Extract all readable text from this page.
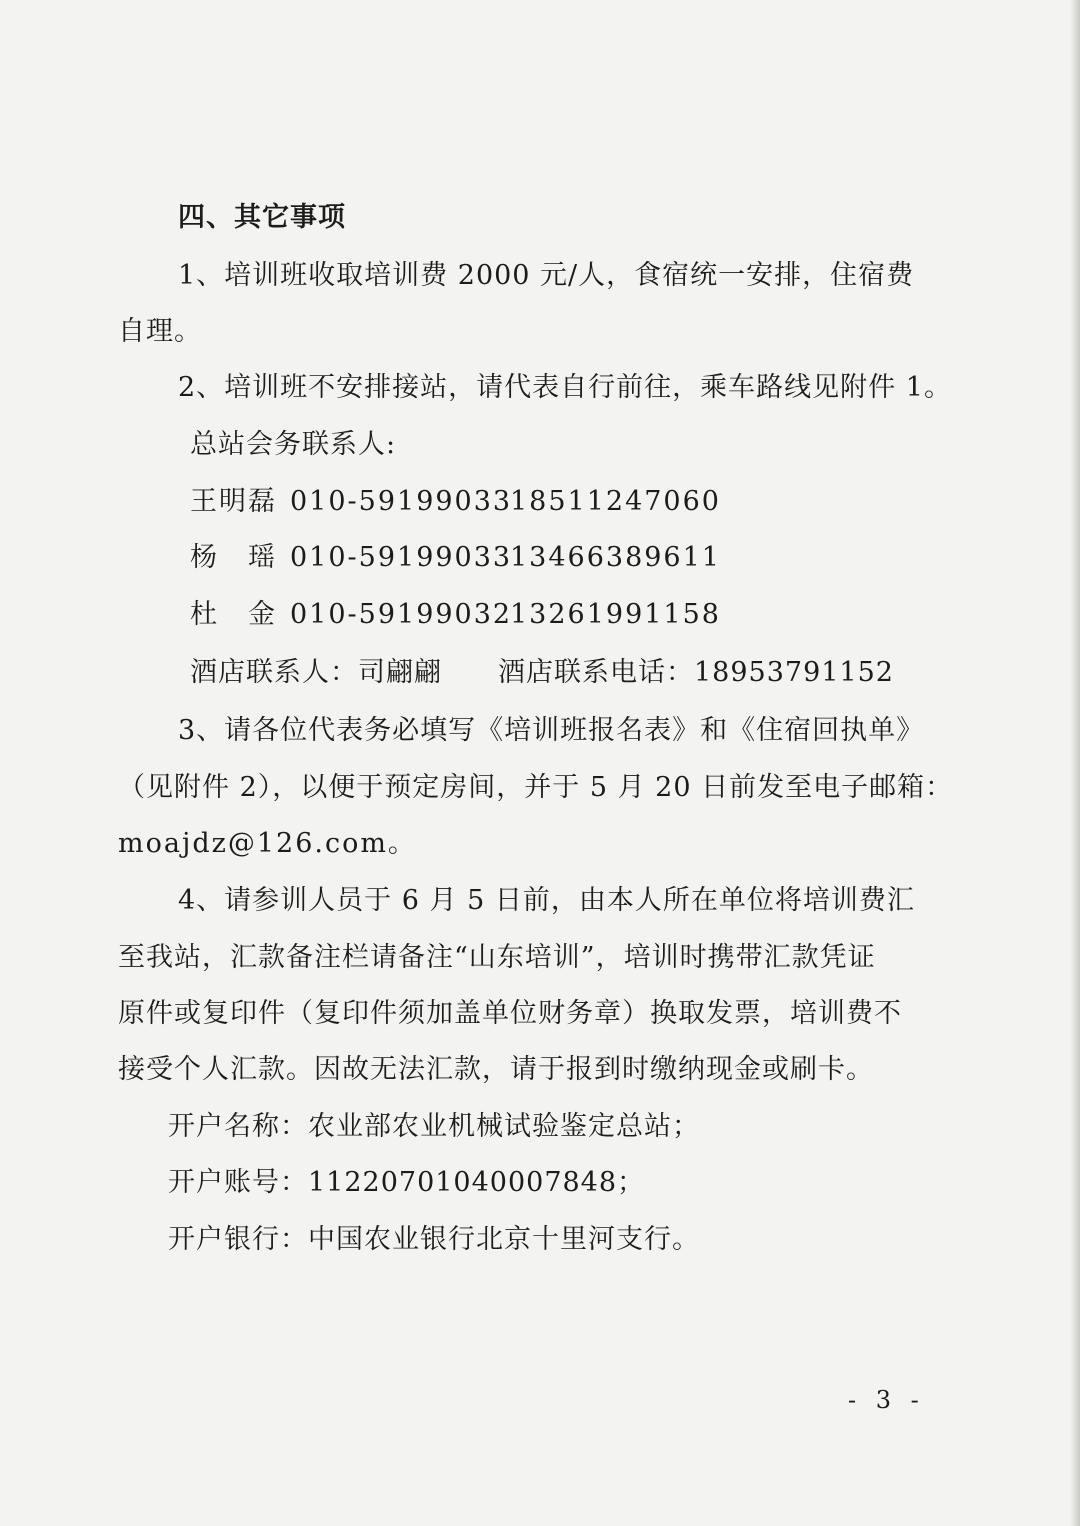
四、其它事项
1、培训班收取培训费 2000 元/人，食宿统一安排，住宿费
自理。
2、培训班不安排接站，请代表自行前往，乘车路线见附件 1。
总站会务联系人:
王明磊 010-5919903318511247060
杨　瑶 010-5919903313466389611
杜　金 010-5919903213261991158
酒店联系人：司翩翩　　酒店联系电话：18953791152
3、请各位代表务必填写《培训班报名表》和《住宿回执单》
（见附件 2），以便于预定房间，并于 5 月 20 日前发至电子邮箱：
moajdz@126.com。
4、请参训人员于 6 月 5 日前，由本人所在单位将培训费汇
至我站，汇款备注栏请备注“山东培训”，培训时携带汇款凭证
原件或复印件（复印件须加盖单位财务章）换取发票，培训费不
接受个人汇款。因故无法汇款，请于报到时缴纳现金或刷卡。
开户名称：农业部农业机械试验鉴定总站；
开户账号：11220701040007848；
开户银行：中国农业银行北京十里河支行。
- 3 -
